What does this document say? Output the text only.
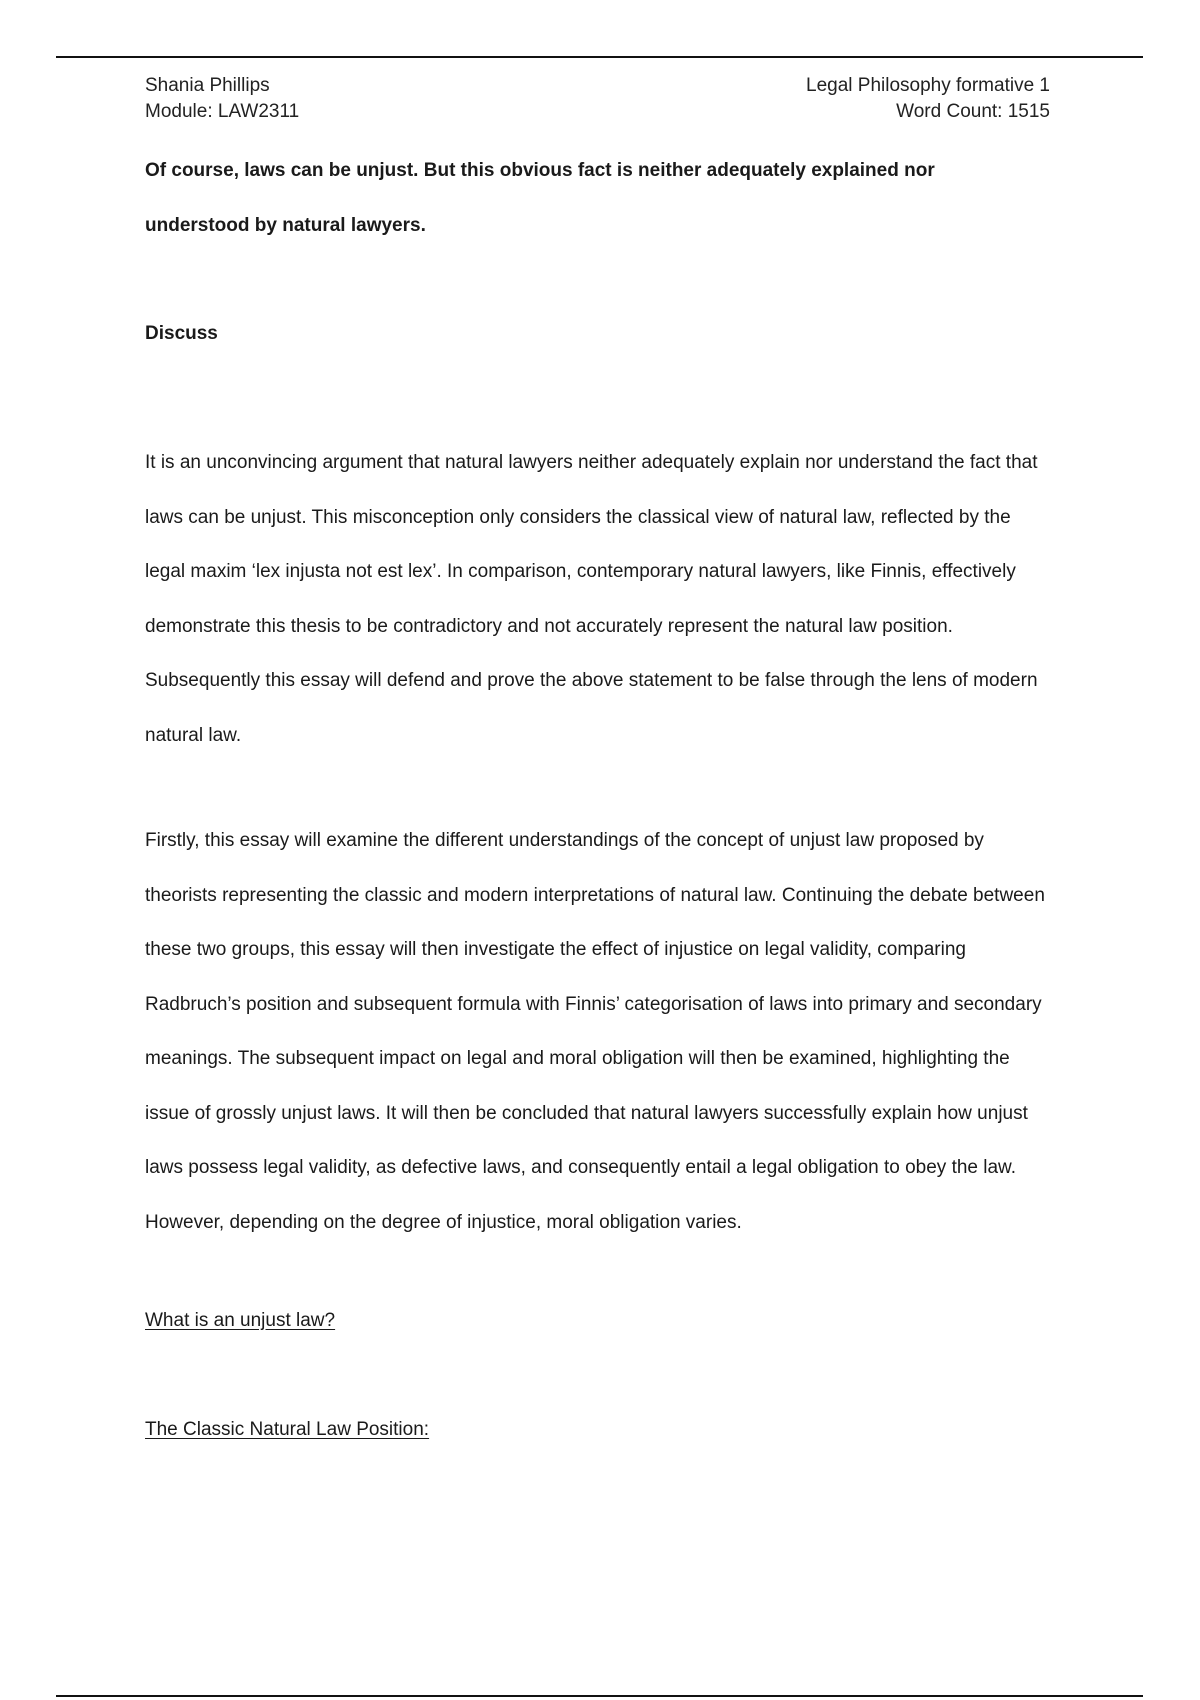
Shania Phillips
Module: LAW2311
Legal Philosophy formative 1
Word Count: 1515

Of course, laws can be unjust. But this obvious fact is neither adequately explained nor

understood by natural lawyers.

Discuss

It is an unconvincing argument that natural lawyers neither adequately explain nor understand the fact that laws can be unjust. This misconception only considers the classical view of natural law, reflected by the legal maxim ‘lex injusta not est lex’. In comparison, contemporary natural lawyers, like Finnis, effectively demonstrate this thesis to be contradictory and not accurately represent the natural law position. Subsequently this essay will defend and prove the above statement to be false through the lens of modern natural law.

Firstly, this essay will examine the different understandings of the concept of unjust law proposed by theorists representing the classic and modern interpretations of natural law. Continuing the debate between these two groups, this essay will then investigate the effect of injustice on legal validity, comparing Radbruch’s position and subsequent formula with Finnis’ categorisation of laws into primary and secondary meanings. The subsequent impact on legal and moral obligation will then be examined, highlighting the issue of grossly unjust laws. It will then be concluded that natural lawyers successfully explain how unjust laws possess legal validity, as defective laws, and consequently entail a legal obligation to obey the law. However, depending on the degree of injustice, moral obligation varies.

What is an unjust law?
The Classic Natural Law Position:
